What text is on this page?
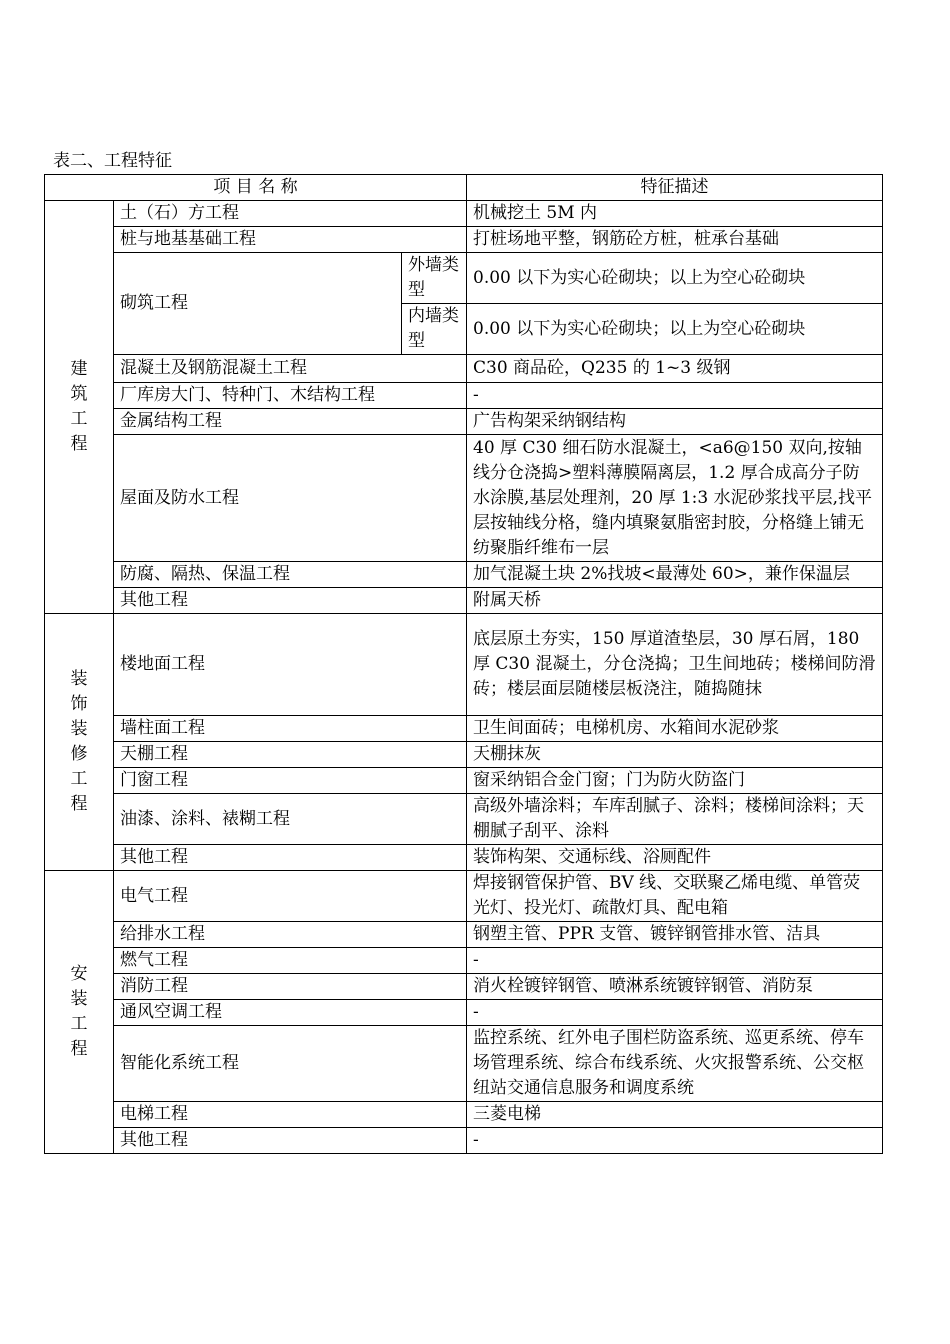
表二、工程特征
项 目 名 称			特征描述
建筑工程	土（石）方工程		机械挖土 5M 内
	桩与地基基础工程		打桩场地平整，钢筋砼方桩，桩承台基础
	砌筑工程	外墙类型	0.00 以下为实心砼砌块；以上为空心砼砌块
		内墙类型	0.00 以下为实心砼砌块；以上为空心砼砌块
	混凝土及钢筋混凝土工程		C30 商品砼，Q235 的 1~3 级钢
	厂库房大门、特种门、木结构工程		-
	金属结构工程		广告构架采纳钢结构
	屋面及防水工程		40 厚 C30 细石防水混凝土，<a6@150 双向,按轴线分仓浇捣>塑料薄膜隔离层，1.2 厚合成高分子防水涂膜,基层处理剂，20 厚 1:3 水泥砂浆找平层,找平层按轴线分格，缝内填聚氨脂密封胶，分格缝上铺无纺聚脂纤维布一层
	防腐、隔热、保温工程		加气混凝土块 2%找坡<最薄处 60>，兼作保温层
	其他工程		附属天桥
装饰装修工程	楼地面工程		底层原土夯实，150 厚道渣垫层，30 厚石屑，180 厚 C30 混凝土，分仓浇捣；卫生间地砖；楼梯间防滑砖；楼层面层随楼层板浇注，随捣随抹
	墙柱面工程		卫生间面砖；电梯机房、水箱间水泥砂浆
	天棚工程		天棚抹灰
	门窗工程		窗采纳铝合金门窗；门为防火防盗门
	油漆、涂料、裱糊工程		高级外墙涂料；车库刮腻子、涂料；楼梯间涂料；天棚腻子刮平、涂料
	其他工程		装饰构架、交通标线、浴厕配件
安装工程	电气工程		焊接钢管保护管、BV 线、交联聚乙烯电缆、单管荧光灯、投光灯、疏散灯具、配电箱
	给排水工程		钢塑主管、PPR 支管、镀锌钢管排水管、洁具
	燃气工程		-
	消防工程		消火栓镀锌钢管、喷淋系统镀锌钢管、消防泵
	通风空调工程		-
	智能化系统工程		监控系统、红外电子围栏防盗系统、巡更系统、停车场管理系统、综合布线系统、火灾报警系统、公交枢纽站交通信息服务和调度系统
	电梯工程		三菱电梯
	其他工程		-
